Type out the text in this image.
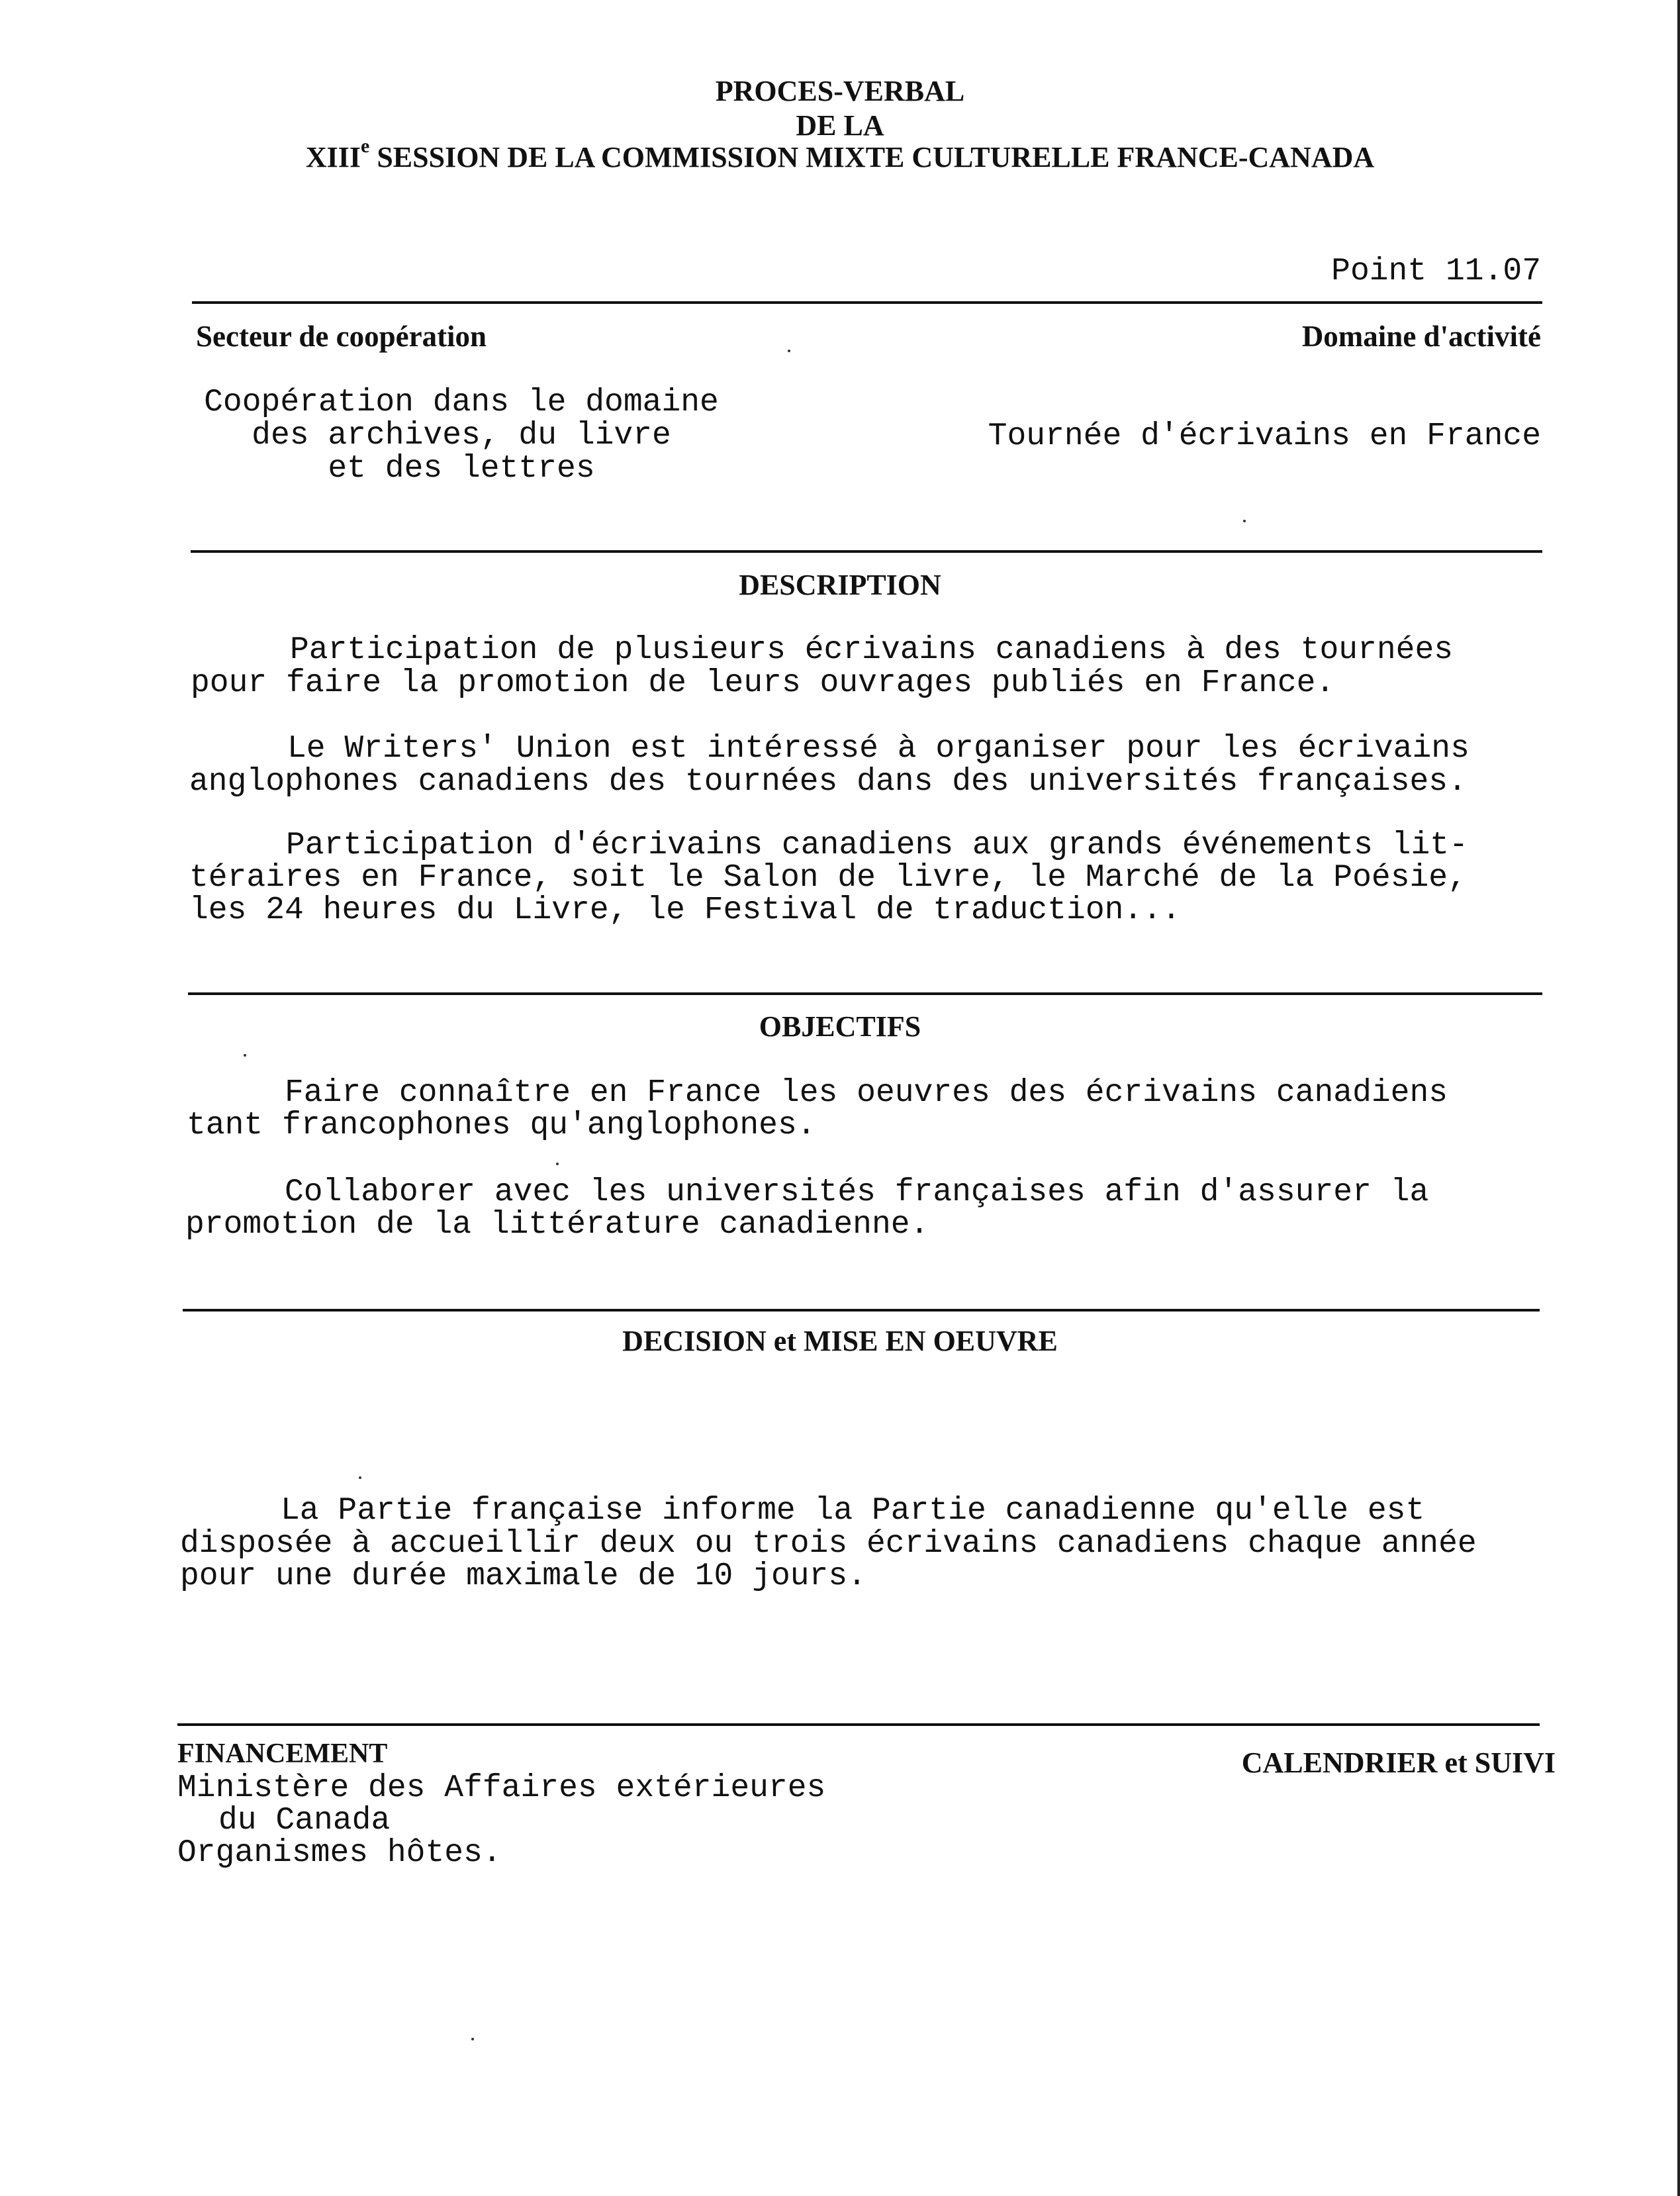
PROCES-VERBAL
DE LA
XIIIe SESSION DE LA COMMISSION MIXTE CULTURELLE FRANCE-CANADA
Point 11.07
Secteur de coopération	Domaine d'activité
Coopération dans le domaine
des archives, du livre
et des lettres
Tournée d'écrivains en France
DESCRIPTION
Participation de plusieurs écrivains canadiens à des tournées
pour faire la promotion de leurs ouvrages publiés en France.
Le Writers' Union est intéressé à organiser pour les écrivains
anglophones canadiens des tournées dans des universités françaises.
Participation d'écrivains canadiens aux grands événements lit-
téraires en France, soit le Salon de livre, le Marché de la Poésie,
les 24 heures du Livre, le Festival de traduction...
OBJECTIFS
Faire connaître en France les oeuvres des écrivains canadiens
tant francophones qu'anglophones.
Collaborer avec les universités françaises afin d'assurer la
promotion de la littérature canadienne.
DECISION et MISE EN OEUVRE
La Partie française informe la Partie canadienne qu'elle est
disposée à accueillir deux ou trois écrivains canadiens chaque année
pour une durée maximale de 10 jours.
FINANCEMENT	CALENDRIER et SUIVI
Ministère des Affaires extérieures
du Canada
Organismes hôtes.
